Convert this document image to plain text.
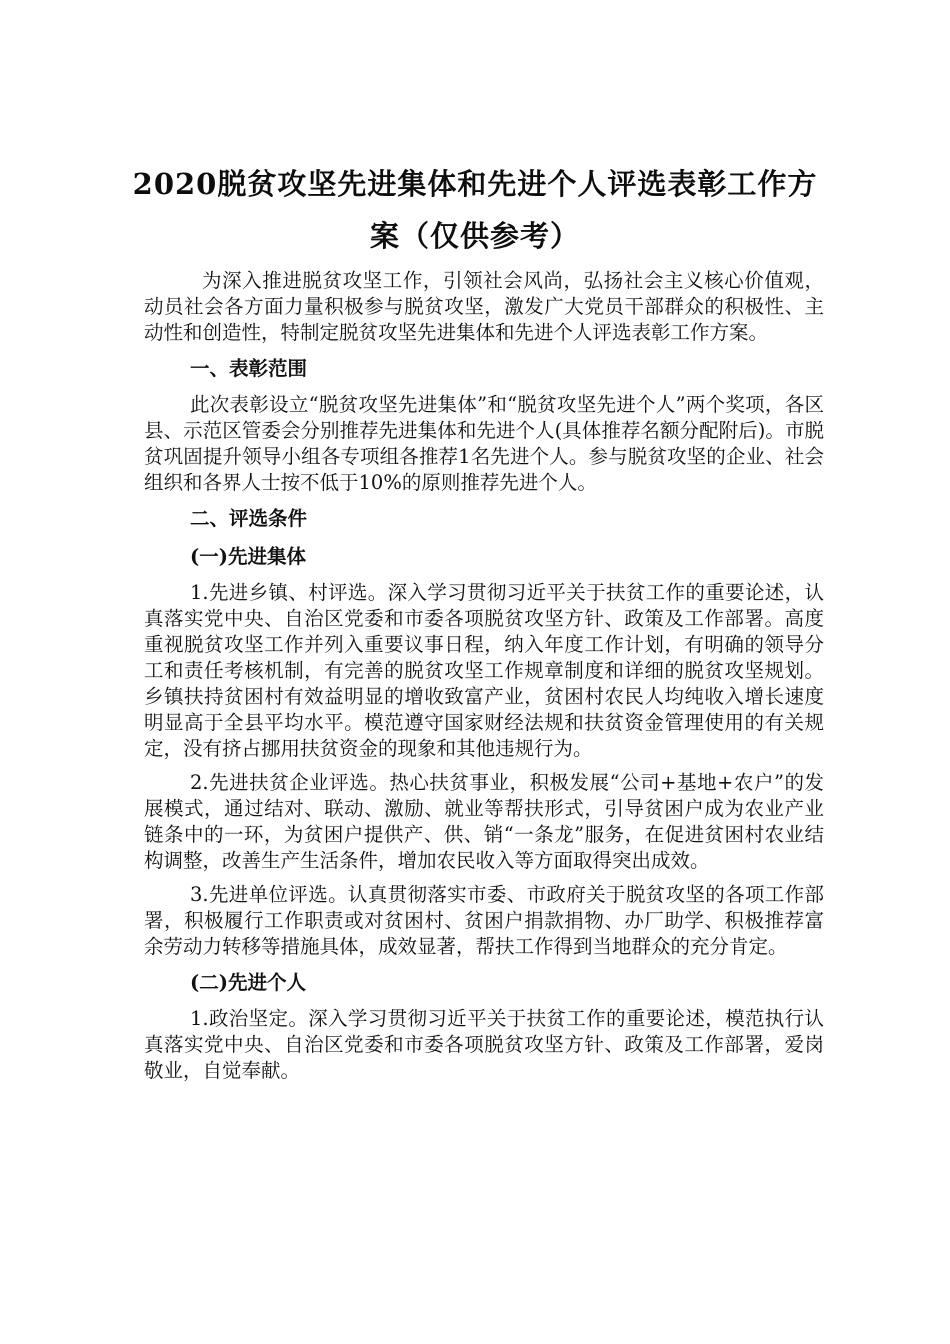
2020脱贫攻坚先进集体和先进个人评选表彰工作方
案（仅供参考）

为深入推进脱贫攻坚工作，引领社会风尚，弘扬社会主义核心价值观，动员社会各方面力量积极参与脱贫攻坚，激发广大党员干部群众的积极性、主动性和创造性，特制定脱贫攻坚先进集体和先进个人评选表彰工作方案。

一、表彰范围

此次表彰设立“脱贫攻坚先进集体”和“脱贫攻坚先进个人”两个奖项，各区县、示范区管委会分别推荐先进集体和先进个人(具体推荐名额分配附后)。市脱贫巩固提升领导小组各专项组各推荐1名先进个人。参与脱贫攻坚的企业、社会组织和各界人士按不低于10%的原则推荐先进个人。

二、评选条件

(一)先进集体

1.先进乡镇、村评选。深入学习贯彻习近平关于扶贫工作的重要论述，认真落实党中央、自治区党委和市委各项脱贫攻坚方针、政策及工作部署。高度重视脱贫攻坚工作并列入重要议事日程，纳入年度工作计划，有明确的领导分工和责任考核机制，有完善的脱贫攻坚工作规章制度和详细的脱贫攻坚规划。乡镇扶持贫困村有效益明显的增收致富产业，贫困村农民人均纯收入增长速度明显高于全县平均水平。模范遵守国家财经法规和扶贫资金管理使用的有关规定，没有挤占挪用扶贫资金的现象和其他违规行为。

2.先进扶贫企业评选。热心扶贫事业，积极发展“公司+基地+农户”的发展模式，通过结对、联动、激励、就业等帮扶形式，引导贫困户成为农业产业链条中的一环，为贫困户提供产、供、销“一条龙”服务，在促进贫困村农业结构调整，改善生产生活条件，增加农民收入等方面取得突出成效。

3.先进单位评选。认真贯彻落实市委、市政府关于脱贫攻坚的各项工作部署，积极履行工作职责或对贫困村、贫困户捐款捐物、办厂助学、积极推荐富余劳动力转移等措施具体，成效显著，帮扶工作得到当地群众的充分肯定。

(二)先进个人

1.政治坚定。深入学习贯彻习近平关于扶贫工作的重要论述，模范执行认真落实党中央、自治区党委和市委各项脱贫攻坚方针、政策及工作部署，爱岗敬业，自觉奉献。
